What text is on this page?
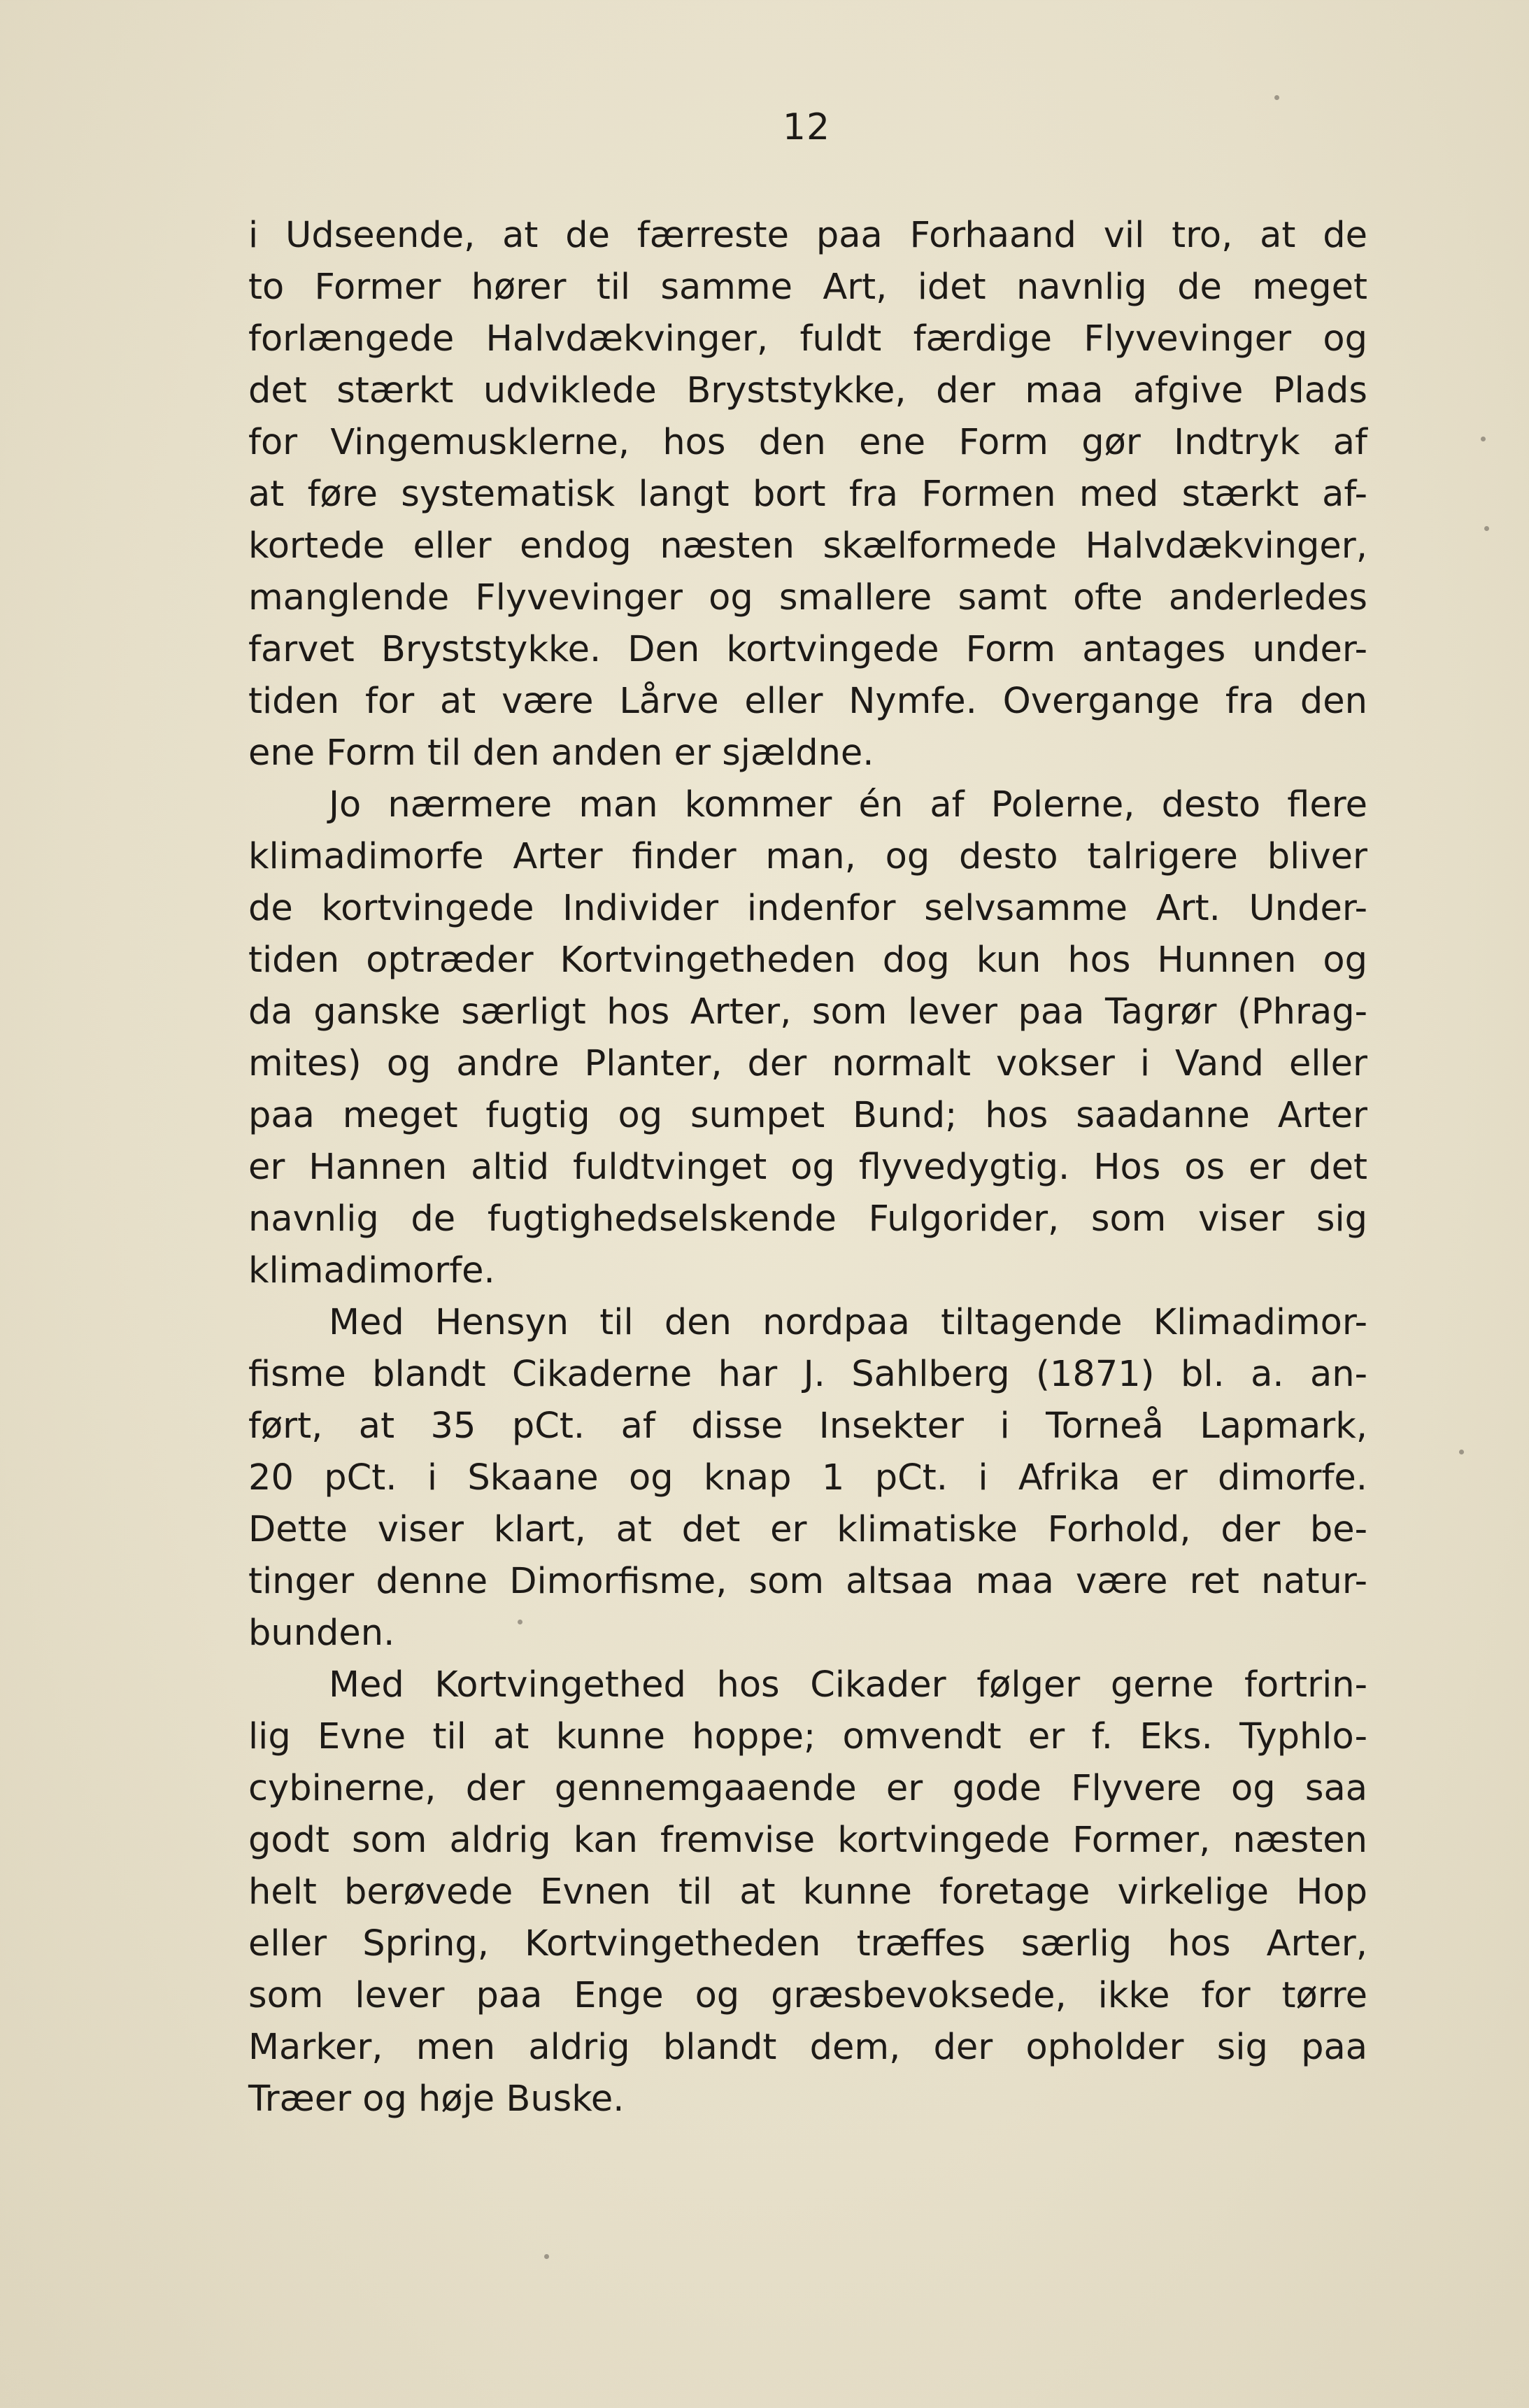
12
i Udseende, at de færreste paa Forhaand vil tro, at de
to Former hører til samme Art, idet navnlig de meget
forlængede Halvdækvinger, fuldt færdige Flyvevinger og
det stærkt udviklede Bryststykke, der maa afgive Plads
for Vingemusklerne, hos den ene Form gør Indtryk af
at føre systematisk langt bort fra Formen med stærkt af-
kortede eller endog næsten skælformede Halvdækvinger,
manglende Flyvevinger og smallere samt ofte anderledes
farvet Bryststykke. Den kortvingede Form antages under-
tiden for at være Lårve eller Nymfe. Overgange fra den
ene Form til den anden er sjældne.
Jo nærmere man kommer én af Polerne, desto flere
klimadimorfe Arter finder man, og desto talrigere bliver
de kortvingede Individer indenfor selvsamme Art. Under-
tiden optræder Kortvingetheden dog kun hos Hunnen og
da ganske særligt hos Arter, som lever paa Tagrør (Phrag-
mites) og andre Planter, der normalt vokser i Vand eller
paa meget fugtig og sumpet Bund; hos saadanne Arter
er Hannen altid fuldtvinget og flyvedygtig. Hos os er det
navnlig de fugtighedselskende Fulgorider, som viser sig
klimadimorfe.
Med Hensyn til den nordpaa tiltagende Klimadimor-
fisme blandt Cikaderne har J. Sahlberg (1871) bl. a. an-
ført, at 35 pCt. af disse Insekter i Torneå Lapmark,
20 pCt. i Skaane og knap 1 pCt. i Afrika er dimorfe.
Dette viser klart, at det er klimatiske Forhold, der be-
tinger denne Dimorfisme, som altsaa maa være ret natur-
bunden.
Med Kortvingethed hos Cikader følger gerne fortrin-
lig Evne til at kunne hoppe; omvendt er f. Eks. Typhlo-
cybinerne, der gennemgaaende er gode Flyvere og saa
godt som aldrig kan fremvise kortvingede Former, næsten
helt berøvede Evnen til at kunne foretage virkelige Hop
eller Spring, Kortvingetheden træffes særlig hos Arter,
som lever paa Enge og græsbevoksede, ikke for tørre
Marker, men aldrig blandt dem, der opholder sig paa
Træer og høje Buske.
